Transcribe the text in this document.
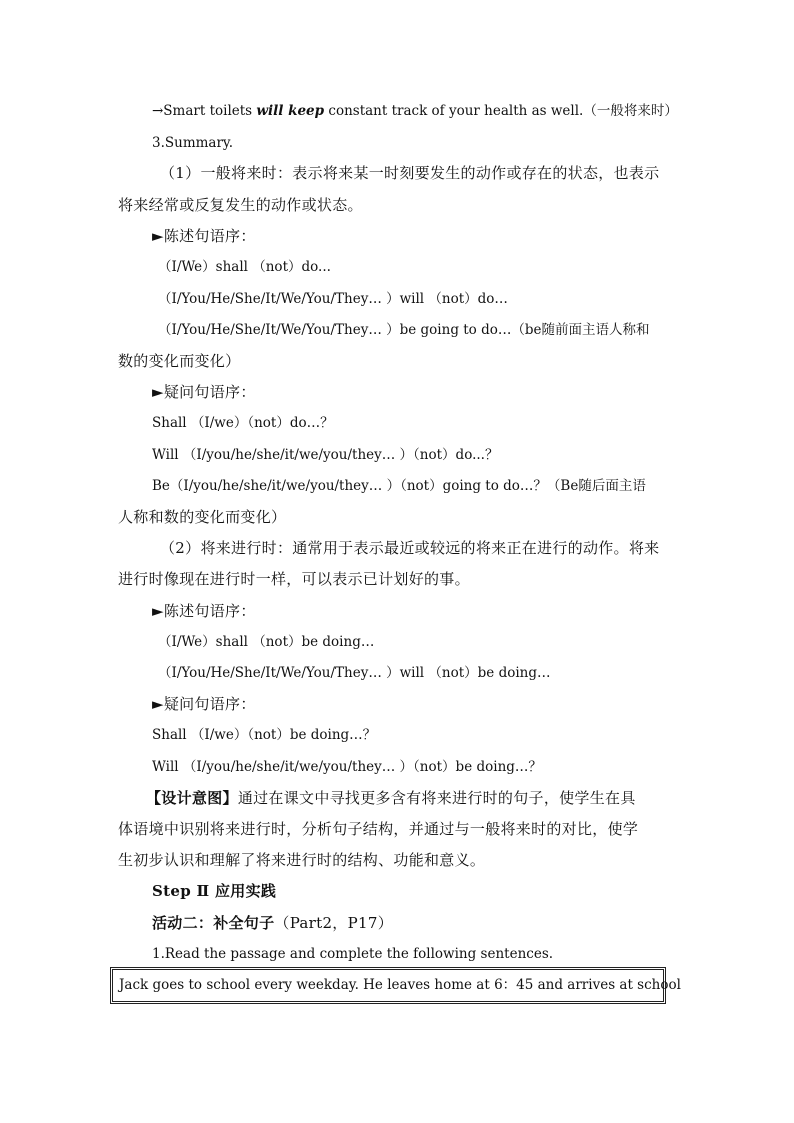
→Smart toilets will keep constant track of your health as well.（一般将来时）
3.Summary.
（1）一般将来时：表示将来某一时刻要发生的动作或存在的状态，也表示
将来经常或反复发生的动作或状态。
►陈述句语序：
（I/We）shall （not）do...
（I/You/He/She/It/We/You/They… ）will （not）do…
（I/You/He/She/It/We/You/They… ）be going to do…（be随前面主语人称和
数的变化而变化）
►疑问句语序：
Shall （I/we）（not）do…？
Will （I/you/he/she/it/we/you/they… ）（not）do...？
Be（I/you/he/she/it/we/you/they… ）（not）going to do…？（Be随后面主语
人称和数的变化而变化）
（2）将来进行时：通常用于表示最近或较远的将来正在进行的动作。将来
进行时像现在进行时一样，可以表示已计划好的事。
►陈述句语序：
（I/We）shall （not）be doing…
（I/You/He/She/It/We/You/They… ）will （not）be doing…
►疑问句语序：
Shall （I/we）（not）be doing…？
Will （I/you/he/she/it/we/you/they… ）（not）be doing…？
【设计意图】通过在课文中寻找更多含有将来进行时的句子，使学生在具
体语境中识别将来进行时，分析句子结构，并通过与一般将来时的对比，使学
生初步认识和理解了将来进行时的结构、功能和意义。
Step Ⅱ 应用实践
活动二：补全句子（Part2，P17）
1.Read the passage and complete the following sentences.
Jack goes to school every weekday. He leaves home at 6：45 and arrives at school
